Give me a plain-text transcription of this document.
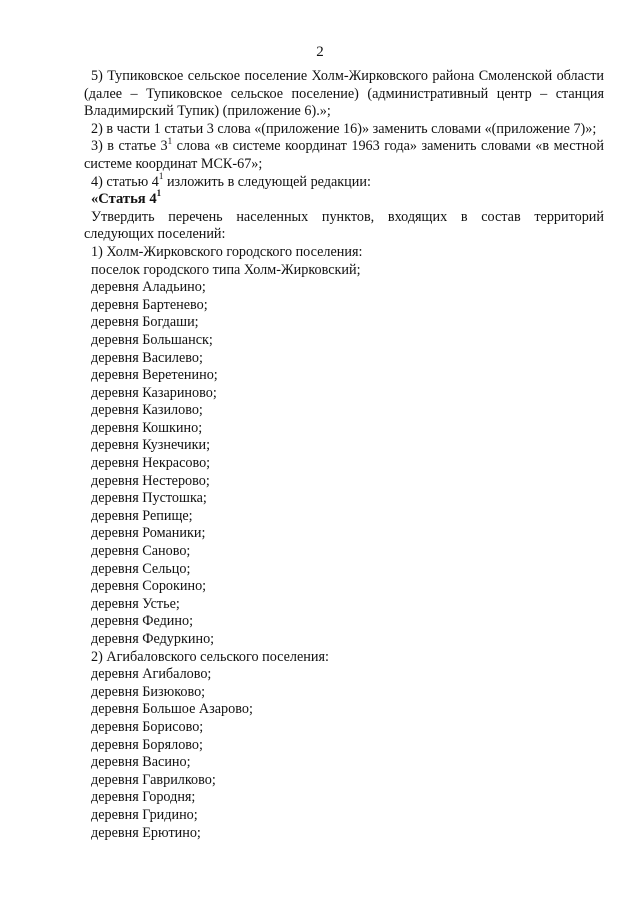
2

5) Тупиковское сельское поселение Холм-Жирковского района Смоленской области (далее – Тупиковское сельское поселение) (административный центр – станция Владимирский Тупик) (приложение 6).»;

2) в части 1 статьи 3 слова «(приложение 16)» заменить словами «(приложение 7)»;

3) в статье $3^1$ слова «в системе координат 1963 года» заменить словами «в местной системе координат МСК-67»;

4) статью $4^1$ изложить в следующей редакции:

«Статья $4^1$

Утвердить перечень населенных пунктов, входящих в состав территорий следующих поселений:

1) Холм-Жирковского городского поселения:

поселок городского типа Холм-Жирковский;

деревня Аладьино;

деревня Бартенево;

деревня Богдаши;

деревня Большанск;

деревня Василево;

деревня Веретенино;

деревня Казариново;

деревня Казилово;

деревня Кошкино;

деревня Кузнечики;

деревня Некрасово;

деревня Нестерово;

деревня Пустошка;

деревня Репище;

деревня Романики;

деревня Саново;

деревня Сельцо;

деревня Сорокино;

деревня Устье;

деревня Федино;

деревня Федуркино;

2) Агибаловского сельского поселения:

деревня Агибалово;

деревня Бизюково;

деревня Большое Азарово;

деревня Борисово;

деревня Борялово;

деревня Васино;

деревня Гаврилково;

деревня Городня;

деревня Гридино;

деревня Ерютино;
